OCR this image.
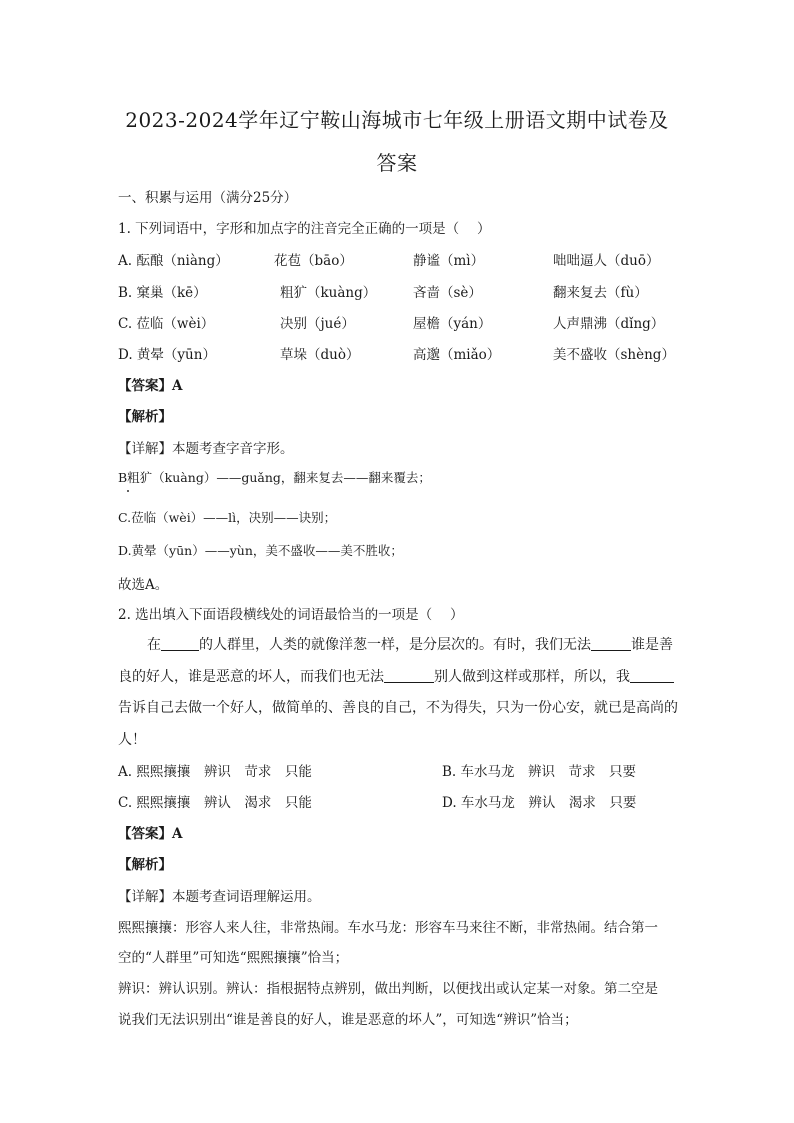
2023-2024学年辽宁鞍山海城市七年级上册语文期中试卷及
答案
一、积累与运用（满分25分）
1. 下列词语中，字形和加点字的注音完全正确的一项是（　 ）
A. 酝酿（niàng）	花苞（bāo）	静谧（mì）	咄咄逼人（duō）
B. 窠巢（kē）	粗犷（kuàng）	吝啬（sè）	翻来复去（fù）
C. 莅临（wèi）	决别（jué）	屋檐（yán）	人声鼎沸（dǐng）
D. 黄晕（yūn）	草垛（duò）	高邈（miǎo）	美不盛收（shèng）
【答案】A
【解析】
【详解】本题考查字音字形。
B粗犷（kuàng）——guǎng，翻来复去——翻来覆去；
C.莅临（wèi）——lì，决别——诀别；
D.黄晕（yūn）——yùn，美不盛收——美不胜收；
故选A。
2. 选出填入下面语段横线处的词语最恰当的一项是（　 ）
在	的人群里，人类的就像洋葱一样，是分层次的。有时，我们无法	谁是善
良的好人，谁是恶意的坏人，而我们也无法	别人做到这样或那样，所以，我
告诉自己去做一个好人，做简单的、善良的自己，不为得失，只为一份心安，就已是高尚的
人！
A. 熙熙攘攘　辨识　苛求　只能	B. 车水马龙　辨识　苛求　只要
C. 熙熙攘攘　辨认　渴求　只能	D. 车水马龙　辨认　渴求　只要
【答案】A
【解析】
【详解】本题考查词语理解运用。
熙熙攘攘：形容人来人往，非常热闹。车水马龙：形容车马来往不断，非常热闹。结合第一
空的“人群里”可知选“熙熙攘攘”恰当；
辨识：辨认识别。辨认：指根据特点辨别，做出判断，以便找出或认定某一对象。第二空是
说我们无法识别出“谁是善良的好人，谁是恶意的坏人”，可知选“辨识”恰当；
